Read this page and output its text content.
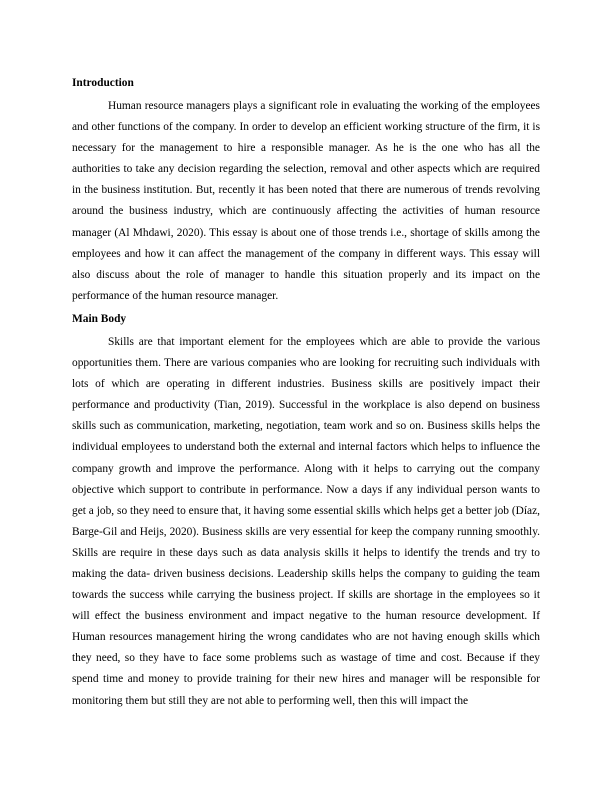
Introduction

Human resource managers plays a significant role in evaluating the working of the employees and other functions of the company. In order to develop an efficient working structure of the firm, it is necessary for the management to hire a responsible manager. As he is the one who has all the authorities to take any decision regarding the selection, removal and other aspects which are required in the business institution. But, recently it has been noted that there are numerous of trends revolving around the business industry, which are continuously affecting the activities of human resource manager (Al Mhdawi, 2020). This essay is about one of those trends i.e., shortage of skills among the employees and how it can affect the management of the company in different ways. This essay will also discuss about the role of manager to handle this situation properly and its impact on the performance of the human resource manager.

Main Body

Skills are that important element for the employees which are able to provide the various opportunities them. There are various companies who are looking for recruiting such individuals with lots of which are operating in different industries. Business skills are positively impact their performance and productivity (Tian, 2019). Successful in the workplace is also depend on business skills such as communication, marketing, negotiation, team work and so on. Business skills helps the individual employees to understand both the external and internal factors which helps to influence the company growth and improve the performance. Along with it helps to carrying out the company objective which support to contribute in performance. Now a days if any individual person wants to get a job, so they need to ensure that, it having some essential skills which helps get a better job (Díaz, Barge-Gil and Heijs, 2020). Business skills are very essential for keep the company running smoothly. Skills are require in these days such as data analysis skills it helps to identify the trends and try to making the data- driven business decisions. Leadership skills helps the company to guiding the team towards the success while carrying the business project. If skills are shortage in the employees so it will effect the business environment and impact negative to the human resource development. If Human resources management hiring the wrong candidates who are not having enough skills which they need, so they have to face some problems such as wastage of time and cost. Because if they spend time and money to provide training for their new hires and manager will be responsible for monitoring them but still they are not able to performing well, then this will impact the
